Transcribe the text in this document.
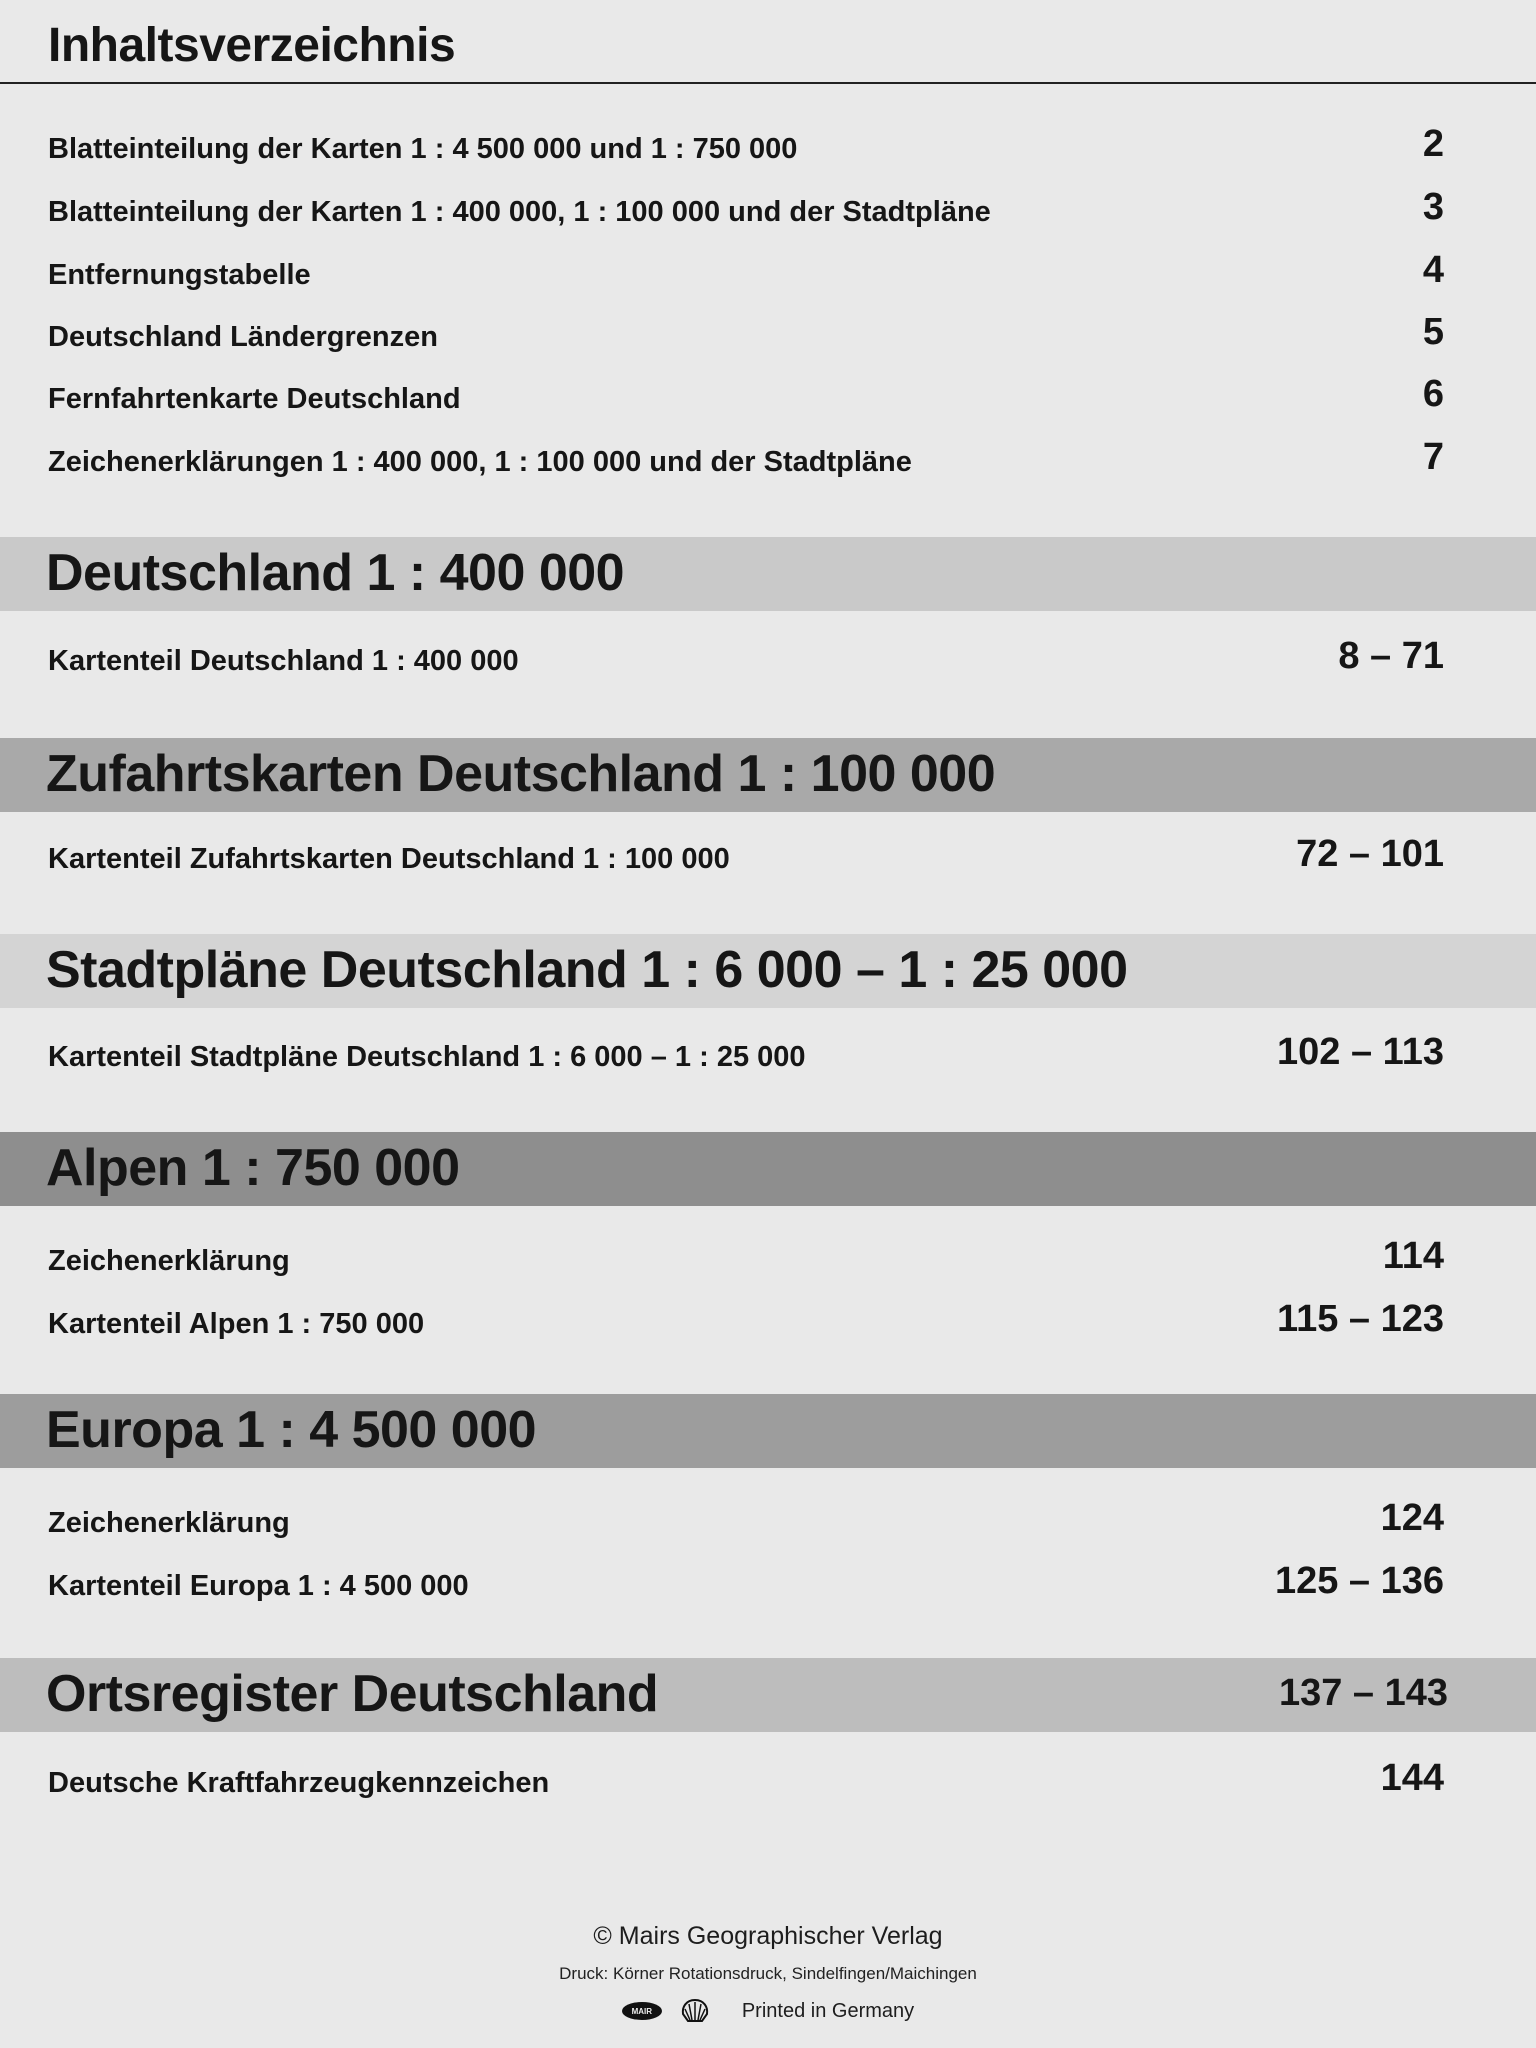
Inhaltsverzeichnis
Blatteinteilung der Karten 1 : 4 500 000 und 1 : 750 000	2
Blatteinteilung der Karten 1 : 400 000, 1 : 100 000 und der Stadtpläne	3
Entfernungstabelle	4
Deutschland Ländergrenzen	5
Fernfahrtenkarte Deutschland	6
Zeichenerklärungen 1 : 400 000, 1 : 100 000 und der Stadtpläne	7
Deutschland 1 : 400 000
Kartenteil Deutschland 1 : 400 000	8 – 71
Zufahrtskarten Deutschland 1 : 100 000
Kartenteil Zufahrtskarten Deutschland 1 : 100 000	72 – 101
Stadtpläne Deutschland 1 : 6 000 – 1 : 25 000
Kartenteil Stadtpläne Deutschland 1 : 6 000 – 1 : 25 000	102 – 113
Alpen 1 : 750 000
Zeichenerklärung	114
Kartenteil Alpen 1 : 750 000	115 – 123
Europa 1 : 4 500 000
Zeichenerklärung	124
Kartenteil Europa 1 : 4 500 000	125 – 136
Ortsregister Deutschland	137 – 143
Deutsche Kraftfahrzeugkennzeichen	144
© Mairs Geographischer Verlag
Druck: Körner Rotationsdruck, Sindelfingen/Maichingen
MAIR	Printed in Germany
